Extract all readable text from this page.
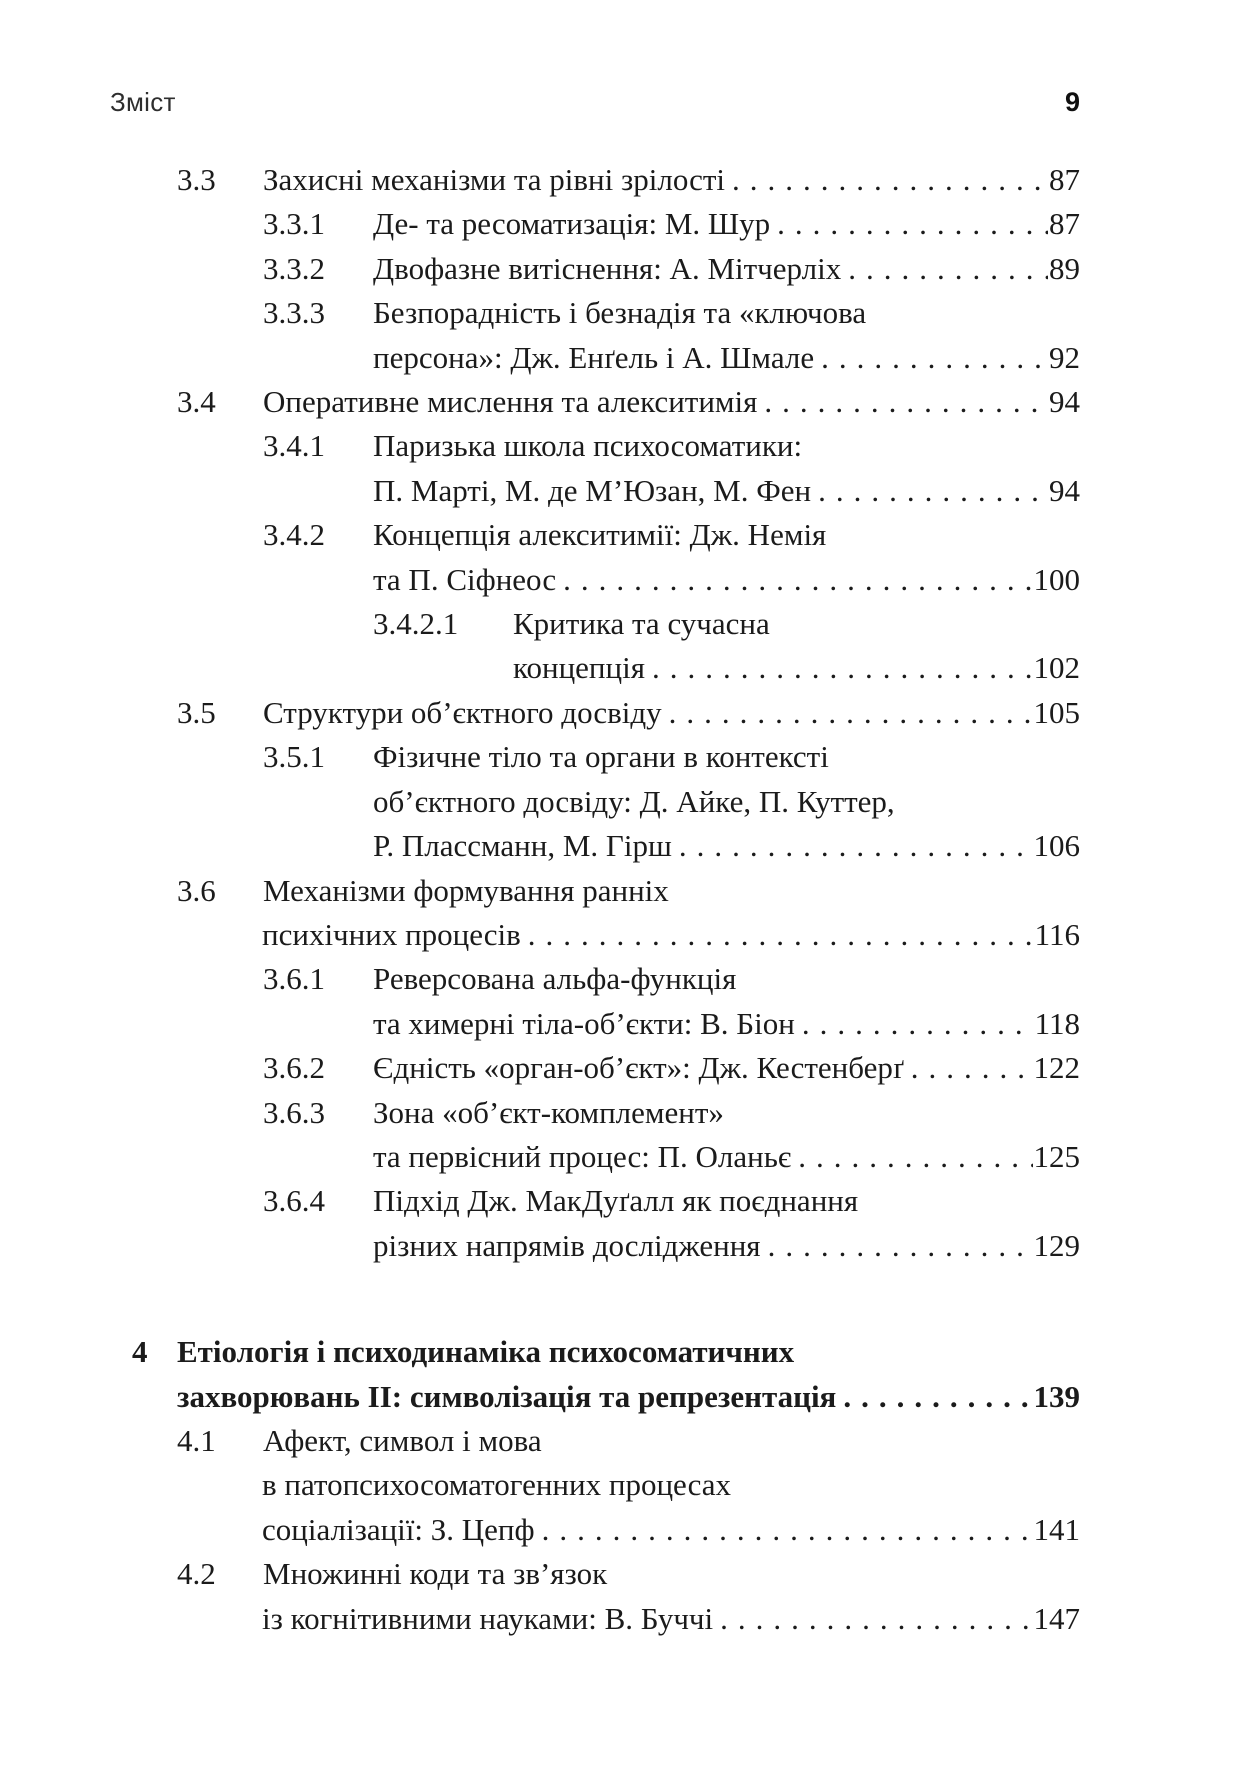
Зміст	9
3.3	Захисні механізми та рівні зрілості .....	87
3.3.1	Де- та ресоматизація: М. Шур .....	87
3.3.2	Двофазне витіснення: А. Мітчерліх .....	89
3.3.3	Безпорадність і безнадія та «ключова
персона»: Дж. Енґель і А. Шмале .....	92
3.4	Оперативне мислення та алекситимія .....	94
3.4.1	Паризька школа психосоматики:
П. Марті, М. де М’Юзан, М. Фен .....	94
3.4.2	Концепція алекситимії: Дж. Немія
та П. Сіфнеос .....	100
3.4.2.1	Критика та сучасна
концепція .....	102
3.5	Структури об’єктного досвіду .....	105
3.5.1	Фізичне тіло та органи в контексті
об’єктного досвіду: Д. Айке, П. Куттер,
Р. Плассманн, М. Гірш .....	106
3.6	Механізми формування ранніх
психічних процесів .....	116
3.6.1	Реверсована альфа-функція
та химерні тіла-об’єкти: В. Біон .....	118
3.6.2	Єдність «орган-об’єкт»: Дж. Кестенберґ .....	122
3.6.3	Зона «об’єкт-комплемент»
та первісний процес: П. Оланьє .....	125
3.6.4	Підхід Дж. МакДуґалл як поєднання
різних напрямів дослідження .....	129
4 Етіологія і психодинаміка психосоматичних
захворювань II: символізація та репрезентація .....	139
4.1	Афект, символ і мова
в патопсихосоматогенних процесах
соціалізації: З. Цепф .....	141
4.2	Множинні коди та зв’язок
із когнітивними науками: В. Буччі .....	147
